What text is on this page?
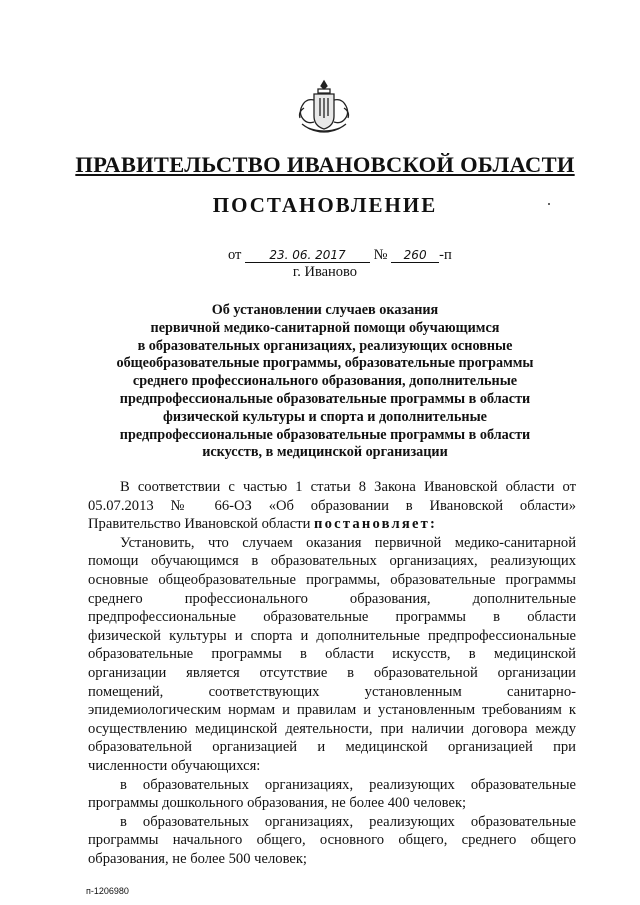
ПРАВИТЕЛЬСТВО ИВАНОВСКОЙ ОБЛАСТИ
ПОСТАНОВЛЕНИЕ
от 23. 06. 2017 № 260 -п
г. Иваново
Об установлении случаев оказания
первичной медико-санитарной помощи обучающимся
в образовательных организациях, реализующих основные
общеобразовательные программы, образовательные программы
среднего профессионального образования, дополнительные
предпрофессиональные образовательные программы в области
физической культуры и спорта и дополнительные
предпрофессиональные образовательные программы в области
искусств, в медицинской организации
В соответствии с частью 1 статьи 8 Закона Ивановской области от
05.07.2013 № 66-ОЗ «Об образовании в Ивановской области»
Правительство Ивановской области постановляет:
Установить, что случаем оказания первичной медико-санитарной
помощи обучающимся в образовательных организациях, реализующих
основные общеобразовательные программы, образовательные программы
среднего профессионального образования, дополнительные
предпрофессиональные образовательные программы в области
физической культуры и спорта и дополнительные предпрофессиональные
образовательные программы в области искусств, в медицинской
организации является отсутствие в образовательной организации
помещений, соответствующих установленным санитарно-
эпидемиологическим нормам и правилам и установленным требованиям к
осуществлению медицинской деятельности, при наличии договора между
образовательной организацией и медицинской организацией при
численности обучающихся:
в образовательных организациях, реализующих образовательные
программы дошкольного образования, не более 400 человек;
в образовательных организациях, реализующих образовательные
программы начального общего, основного общего, среднего общего
образования, не более 500 человек;
п-1206980
